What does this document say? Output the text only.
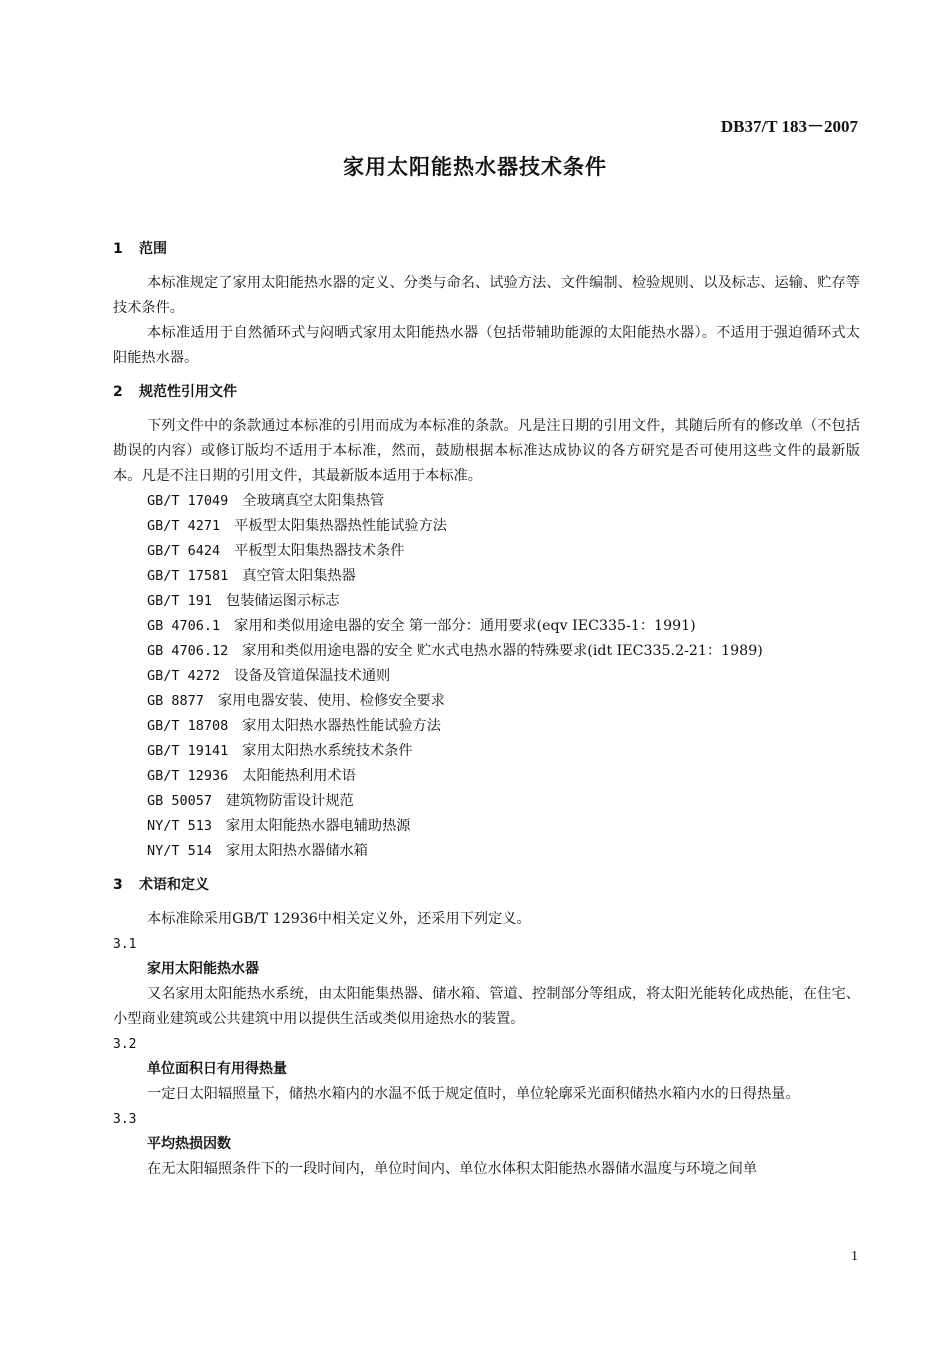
DB37/T 183－2007
家用太阳能热水器技术条件
1 范围
本标准规定了家用太阳能热水器的定义、分类与命名、试验方法、文件编制、检验规则、以及标志、运输、贮存等技术条件。
本标准适用于自然循环式与闷晒式家用太阳能热水器（包括带辅助能源的太阳能热水器）。不适用于强迫循环式太阳能热水器。
2 规范性引用文件
下列文件中的条款通过本标准的引用而成为本标准的条款。凡是注日期的引用文件，其随后所有的修改单（不包括勘误的内容）或修订版均不适用于本标准，然而，鼓励根据本标准达成协议的各方研究是否可使用这些文件的最新版本。凡是不注日期的引用文件，其最新版本适用于本标准。
GB/T 17049 全玻璃真空太阳集热管
GB/T 4271 平板型太阳集热器热性能试验方法
GB/T 6424 平板型太阳集热器技术条件
GB/T 17581 真空管太阳集热器
GB/T 191 包装储运图示标志
GB 4706.1 家用和类似用途电器的安全 第一部分：通用要求(eqv IEC335-1：1991)
GB 4706.12 家用和类似用途电器的安全 贮水式电热水器的特殊要求(idt IEC335.2-21：1989)
GB/T 4272 设备及管道保温技术通则
GB 8877 家用电器安装、使用、检修安全要求
GB/T 18708 家用太阳热水器热性能试验方法
GB/T 19141 家用太阳热水系统技术条件
GB/T 12936 太阳能热利用术语
GB 50057 建筑物防雷设计规范
NY/T 513 家用太阳能热水器电辅助热源
NY/T 514 家用太阳热水器储水箱
3 术语和定义
本标准除采用GB/T 12936中相关定义外，还采用下列定义。
3.1
家用太阳能热水器
又名家用太阳能热水系统，由太阳能集热器、储水箱、管道、控制部分等组成，将太阳光能转化成热能，在住宅、小型商业建筑或公共建筑中用以提供生活或类似用途热水的装置。
3.2
单位面积日有用得热量
一定日太阳辐照量下，储热水箱内的水温不低于规定值时，单位轮廓采光面积储热水箱内水的日得热量。
3.3
平均热损因数
在无太阳辐照条件下的一段时间内，单位时间内、单位水体积太阳能热水器储水温度与环境之间单
1
